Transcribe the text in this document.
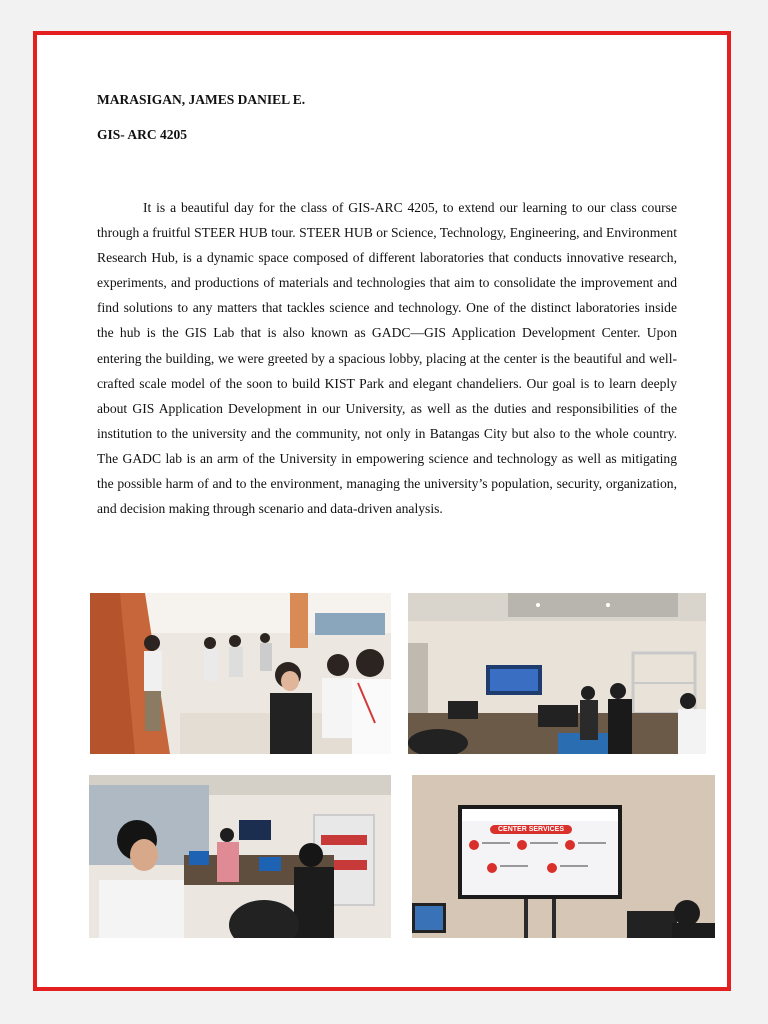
MARASIGAN, JAMES DANIEL E.

GIS- ARC 4205

It is a beautiful day for the class of GIS-ARC 4205, to extend our learning to our class course through a fruitful STEER HUB tour. STEER HUB or Science, Technology, Engineering, and Environment Research Hub, is a dynamic space composed of different laboratories that conducts innovative research, experiments, and productions of materials and technologies that aim to consolidate the improvement and find solutions to any matters that tackles science and technology. One of the distinct laboratories inside the hub is the GIS Lab that is also known as GADC—GIS Application Development Center. Upon entering the building, we were greeted by a spacious lobby, placing at the center is the beautiful and well-crafted scale model of the soon to build KIST Park and elegant chandeliers. Our goal is to learn deeply about GIS Application Development in our University, as well as the duties and responsibilities of the institution to the university and the community, not only in Batangas City but also to the whole country. The GADC lab is an arm of the University in empowering science and technology as well as mitigating the possible harm of and to the environment, managing the university’s population, security, organization, and decision making through scenario and data-driven analysis.

CENTER SERVICES
